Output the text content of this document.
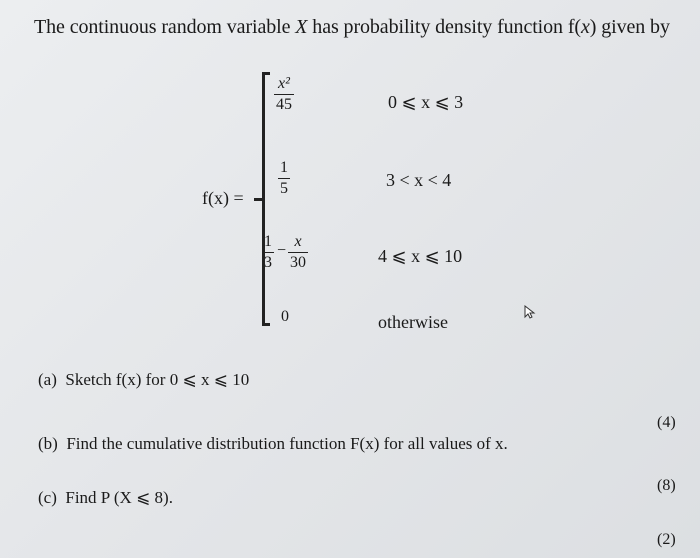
The continuous random variable X has probability density function f(x) given by
f(x) =
$\frac{\text{x²}}{45}$	0 ⩽ x ⩽ 3
$\frac{1}{5}$	3 < x < 4
$\frac{1}{3} - \frac{x}{30}$	4 ⩽ x ⩽ 10
0	otherwise
(a) Sketch f(x) for 0 ⩽ x ⩽ 10
(4)
(b) Find the cumulative distribution function F(x) for all values of x.
(8)
(c) Find P (X ⩽ 8).
(2)
